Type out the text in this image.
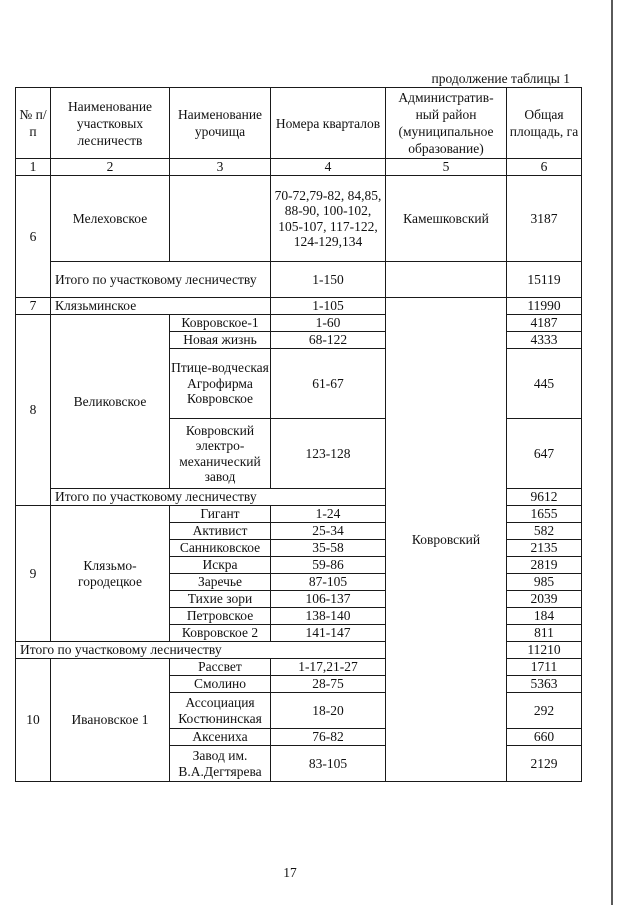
продолжение таблицы 1
№ п/п	Наименование участковых лесничеств	Наименование урочища	Номера кварталов	Административ-ный район (муниципальное образование)	Общая площадь, га
1	2	3	4	5	6
6	Мелеховское		70-72,79-82, 84,85, 88-90, 100-102, 105-107, 117-122, 124-129,134	Камешковский	3187
	Итого по участковому лесничеству		1-150		15119
7	Клязьминское		1-105	Ковровский	11990
8	Великовское	Ковровское-1	1-60		4187
		Новая жизнь	68-122		4333
		Птице-водческая Агрофирма Ковровское	61-67		445
		Ковровский электро-механический завод	123-128		647
	Итого по участковому лесничеству				9612
9	Клязьмо-городецкое	Гигант	1-24		1655
		Активист	25-34		582
		Санниковское	35-58		2135
		Искра	59-86		2819
		Заречье	87-105		985
		Тихие зори	106-137		2039
		Петровское	138-140		184
		Ковровское 2	141-147		811
Итого по участковому лесничеству					11210
10	Ивановское 1	Рассвет	1-17,21-27		1711
		Смолино	28-75		5363
		Ассоциация Костюнинская	18-20		292
		Аксениха	76-82		660
		Завод им. В.А.Дегтярева	83-105		2129
17
